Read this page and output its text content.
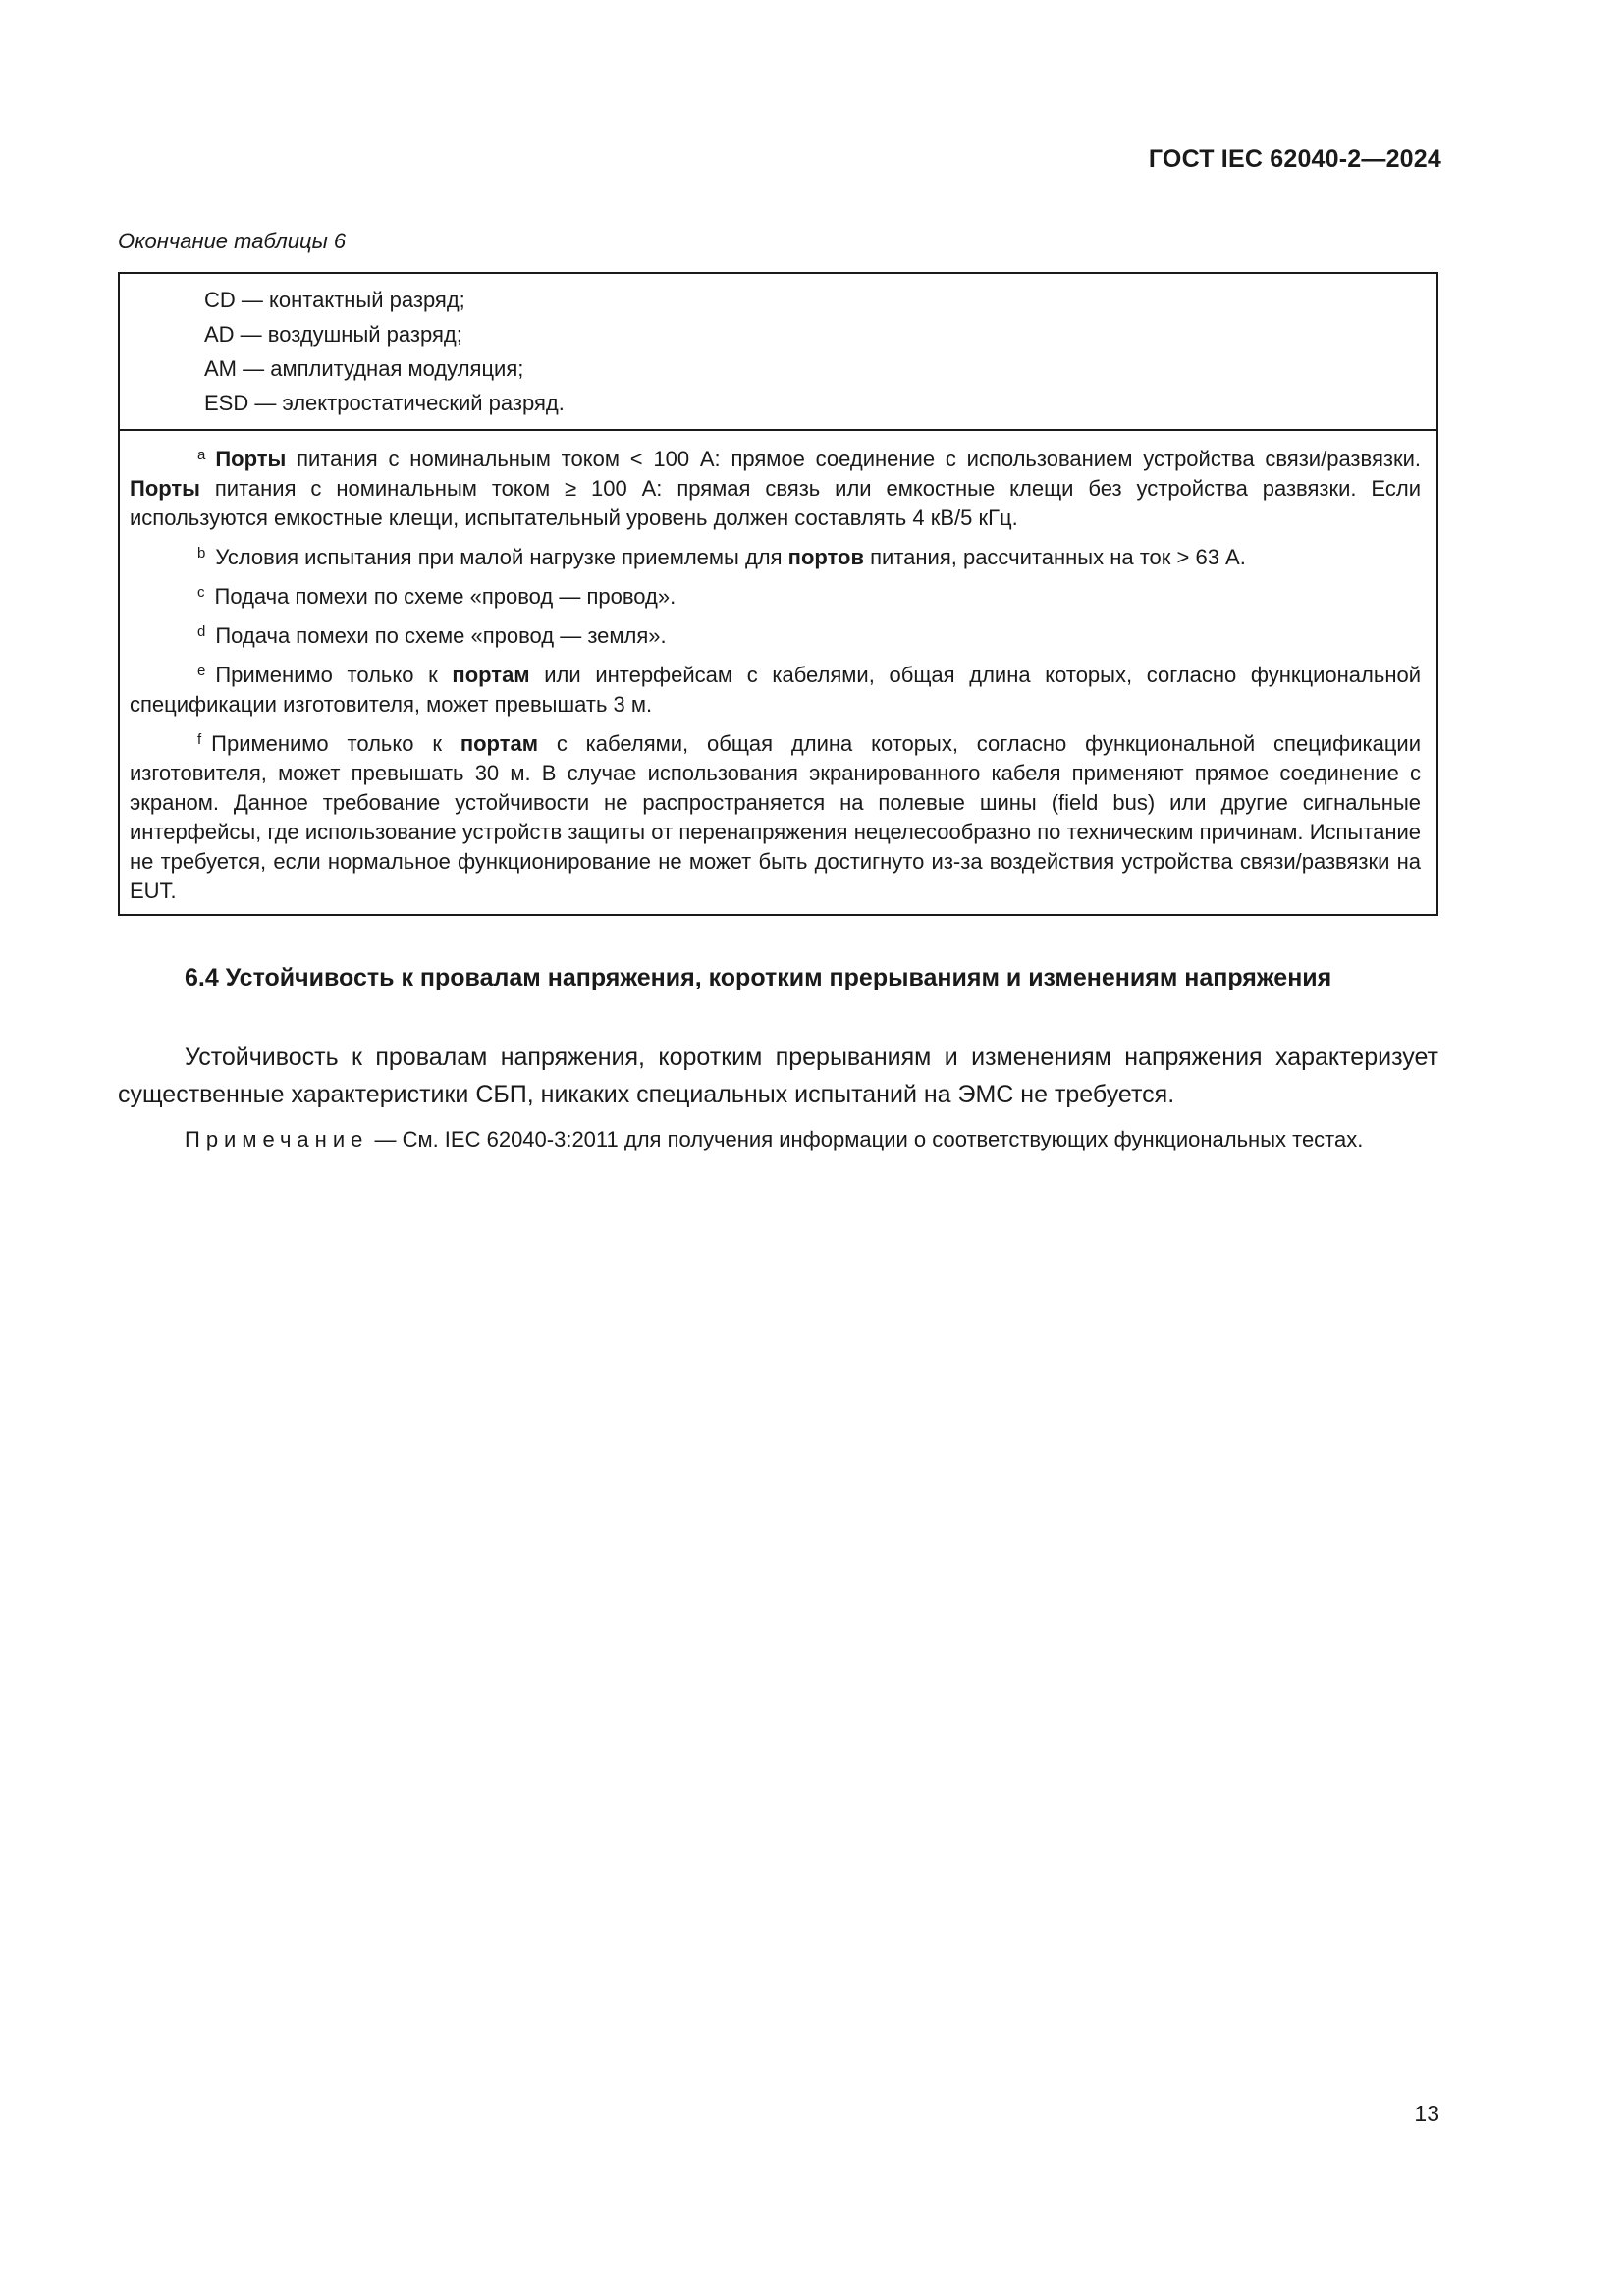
ГОСТ IEC 62040-2—2024
Окончание таблицы 6
CD — контактный разряд;
AD — воздушный разряд;
AM — амплитудная модуляция;
ESD — электростатический разряд.
$^a$ Порты питания с номинальным током < 100 А: прямое соединение с использованием устройства связи/развязки. Порты питания с номинальным током ≥ 100 А: прямая связь или емкостные клещи без устройства развязки. Если используются емкостные клещи, испытательный уровень должен составлять 4 кВ/5 кГц.
$^b$ Условия испытания при малой нагрузке приемлемы для портов питания, рассчитанных на ток > 63 А.
$^c$ Подача помехи по схеме «провод — провод».
$^d$ Подача помехи по схеме «провод — земля».
$^e$ Применимо только к портам или интерфейсам с кабелями, общая длина которых, согласно функциональной спецификации изготовителя, может превышать 3 м.
$^f$ Применимо только к портам с кабелями, общая длина которых, согласно функциональной спецификации изготовителя, может превышать 30 м. В случае использования экранированного кабеля применяют прямое соединение с экраном. Данное требование устойчивости не распространяется на полевые шины (field bus) или другие сигнальные интерфейсы, где использование устройств защиты от перенапряжения нецелесообразно по техническим причинам. Испытание не требуется, если нормальное функционирование не может быть достигнуто из-за воздействия устройства связи/развязки на EUT.
6.4 Устойчивость к провалам напряжения, коротким прерываниям и изменениям напряжения
Устойчивость к провалам напряжения, коротким прерываниям и изменениям напряжения характеризует существенные характеристики СБП, никаких специальных испытаний на ЭМС не требуется.
Примечание — См. IEC 62040-3:2011 для получения информации о соответствующих функциональных тестах.
13
